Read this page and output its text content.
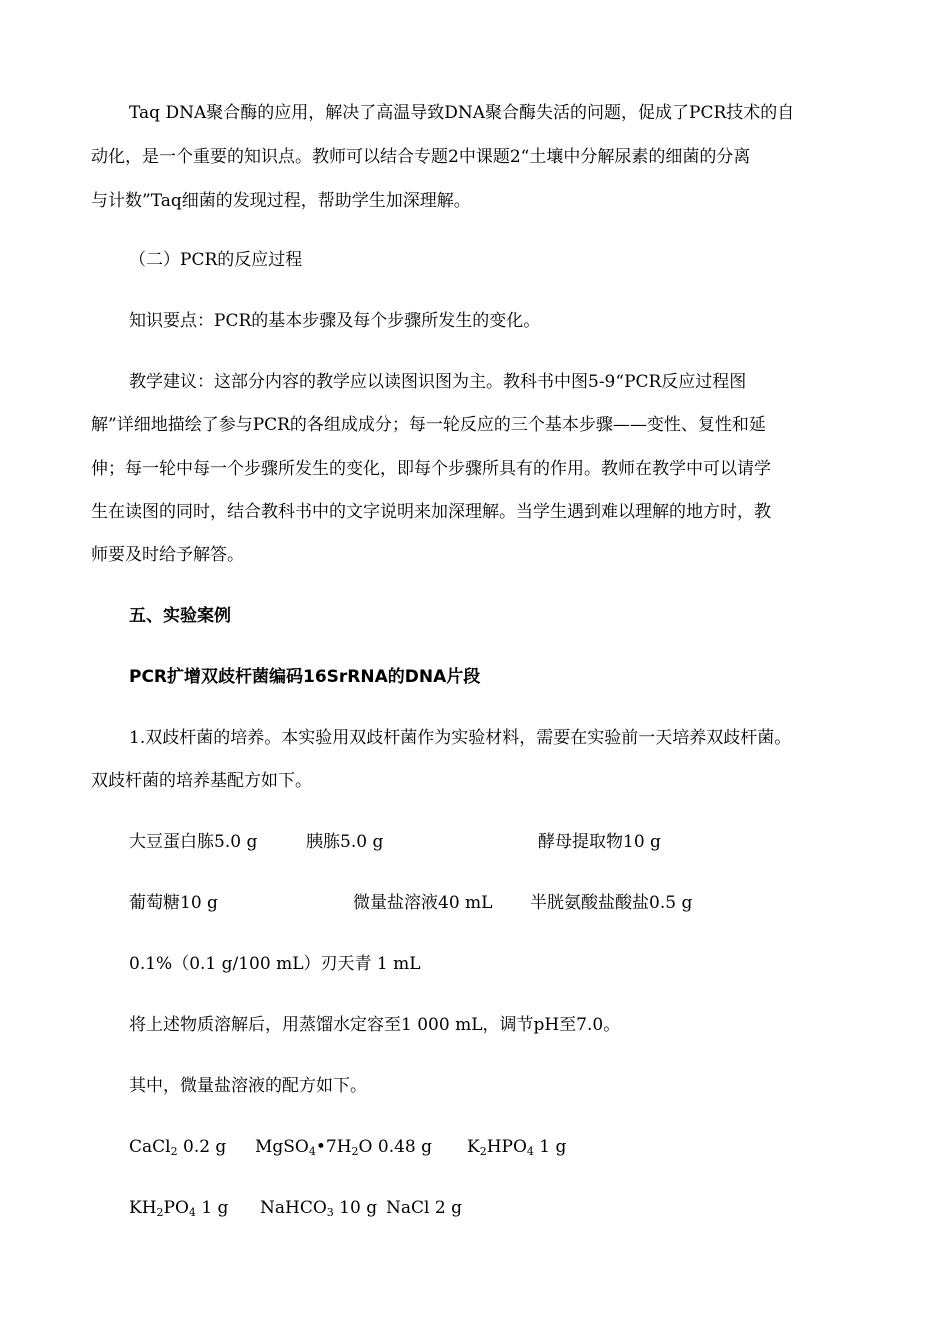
Taq DNA聚合酶的应用，解决了高温导致DNA聚合酶失活的问题，促成了PCR技术的自
动化，是一个重要的知识点。教师可以结合专题2中课题2“土壤中分解尿素的细菌的分离
与计数”Taq细菌的发现过程，帮助学生加深理解。
（二）PCR的反应过程
知识要点：PCR的基本步骤及每个步骤所发生的变化。
教学建议：这部分内容的教学应以读图识图为主。教科书中图5-9“PCR反应过程图
解”详细地描绘了参与PCR的各组成成分；每一轮反应的三个基本步骤——变性、复性和延
伸；每一轮中每一个步骤所发生的变化，即每个步骤所具有的作用。教师在教学中可以请学
生在读图的同时，结合教科书中的文字说明来加深理解。当学生遇到难以理解的地方时，教
师要及时给予解答。
五、实验案例
PCR扩增双歧杆菌编码16SrRNA的DNA片段
1.双歧杆菌的培养。本实验用双歧杆菌作为实验材料，需要在实验前一天培养双歧杆菌。
双歧杆菌的培养基配方如下。
大豆蛋白胨5.0 g	胰胨5.0 g	酵母提取物10 g
葡萄糖10 g	微量盐溶液40 mL 半胱氨酸盐酸盐0.5 g
0.1%（0.1 g/100 mL）刃天青 1 mL
将上述物质溶解后，用蒸馏水定容至1 000 mL，调节pH至7.0。
其中，微量盐溶液的配方如下。
CaCl$_2$ 0.2 g $MgSO_4•7H_2O$ 0.48 g $K_2HPO_4$ 1 g
$KH_2PO_4$ 1 g NaHCO$_3$ 10 g NaCl 2 g
